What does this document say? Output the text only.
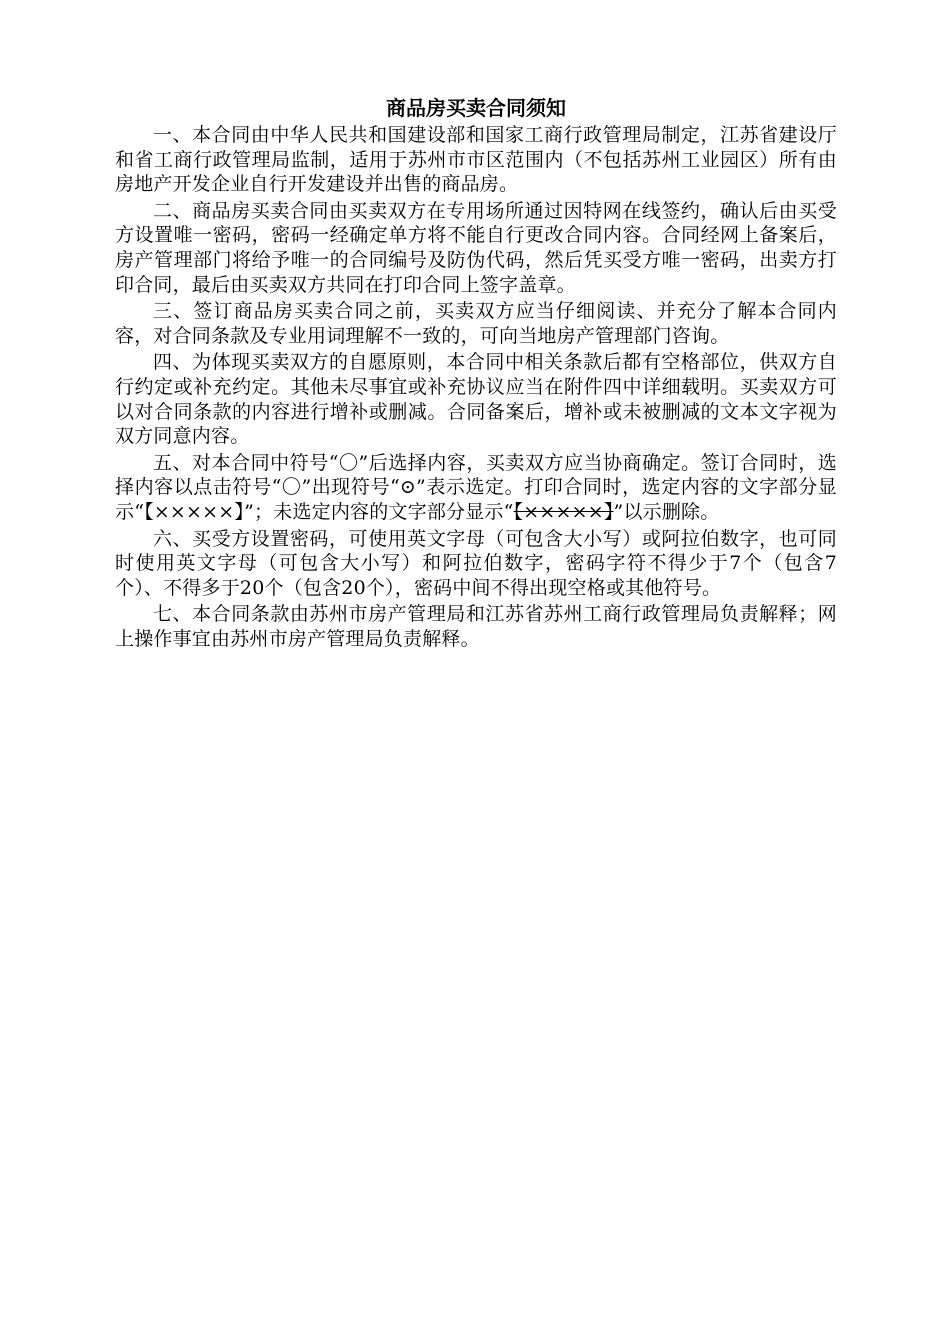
商品房买卖合同须知

一、本合同由中华人民共和国建设部和国家工商行政管理局制定，江苏省建设厅和省工商行政管理局监制，适用于苏州市市区范围内（不包括苏州工业园区）所有由房地产开发企业自行开发建设并出售的商品房。

二、商品房买卖合同由买卖双方在专用场所通过因特网在线签约，确认后由买受方设置唯一密码，密码一经确定单方将不能自行更改合同内容。合同经网上备案后，房产管理部门将给予唯一的合同编号及防伪代码，然后凭买受方唯一密码，出卖方打印合同，最后由买卖双方共同在打印合同上签字盖章。

三、签订商品房买卖合同之前，买卖双方应当仔细阅读、并充分了解本合同内容，对合同条款及专业用词理解不一致的，可向当地房产管理部门咨询。

四、为体现买卖双方的自愿原则，本合同中相关条款后都有空格部位，供双方自行约定或补充约定。其他未尽事宜或补充协议应当在附件四中详细载明。买卖双方可以对合同条款的内容进行增补或删减。合同备案后，增补或未被删减的文本文字视为双方同意内容。

五、对本合同中符号“〇”后选择内容，买卖双方应当协商确定。签订合同时，选择内容以点击符号“〇”出现符号“⊙”表示选定。打印合同时，选定内容的文字部分显示“【×××××】”；未选定内容的文字部分显示“【×××××】”以示删除。

六、买受方设置密码，可使用英文字母（可包含大小写）或阿拉伯数字，也可同时使用英文字母（可包含大小写）和阿拉伯数字，密码字符不得少于7个（包含7个）、不得多于20个（包含20个），密码中间不得出现空格或其他符号。

七、本合同条款由苏州市房产管理局和江苏省苏州工商行政管理局负责解释；网上操作事宜由苏州市房产管理局负责解释。
